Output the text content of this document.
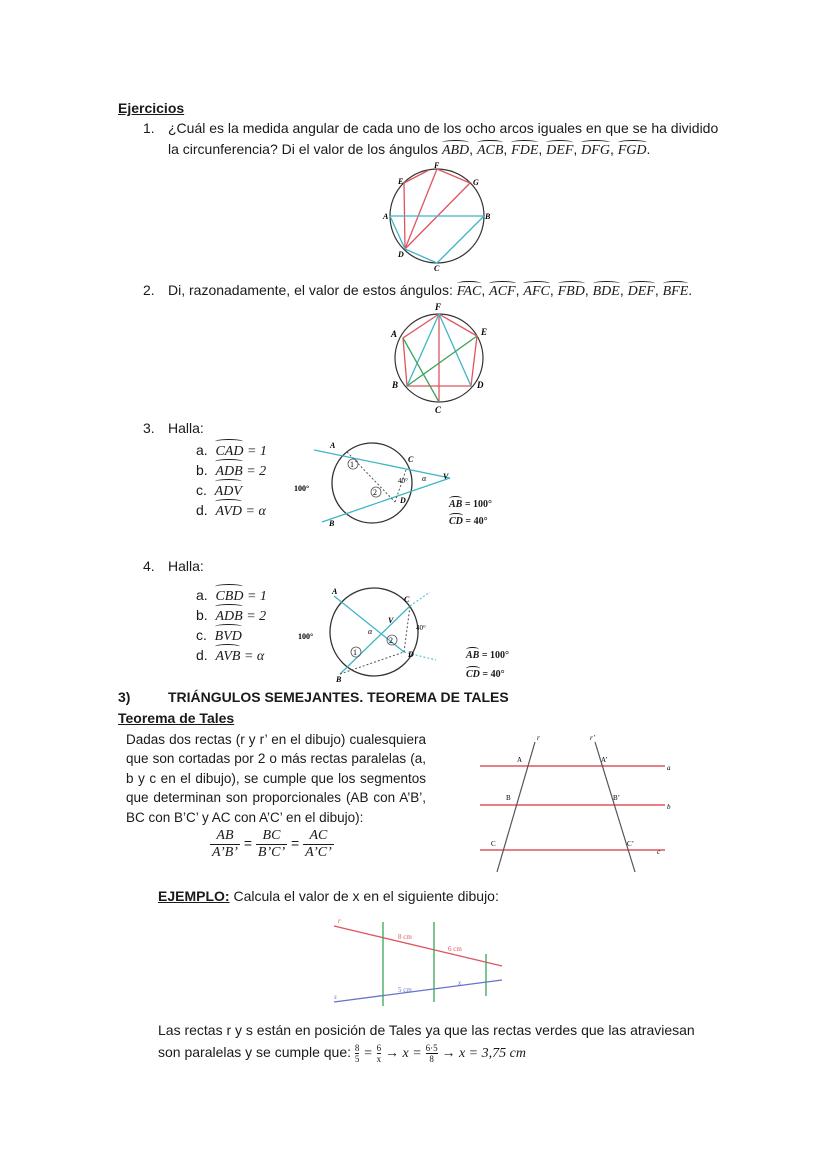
Ejercicios
1. ¿Cuál es la medida angular de cada uno de los ocho arcos iguales en que se ha dividido
la circunferencia? Di el valor de los ángulos ABD, ACB, FDE, DEF, DFG, FGD.
F
G
E
A	B
D
C
2. Di, razonadamente, el valor de estos ángulos: FAC, ACF, AFC, FBD, BDE, DEF, BFE.
F
A	E
B	D
C
3. Halla:
a. CAD = 1
b. ADB = 2
c. ADV
d. AVD = α
1
2
A
C
D
V
B
100°
40° α
AB = 100°
CD = 40°
4. Halla:
a. CBD = 1
b. ADB = 2
c. BVD
d. AVB = α	1
2
A
C
V
D
B
100°
40°
α
AB = 100°
CD = 40°
3)	TRIÁNGULOS SEMEJANTES. TEOREMA DE TALES
Teorema de Tales
Dadas dos rectas (r y r’ en el dibujo) cualesquiera que son cortadas por 2 o más rectas paralelas (a, b y c en el dibujo), se cumple que los segmentos que determinan son proporcionales (AB con A’B’, BC con B’C’ y AC con A’C’ en el dibujo):
$\frac{AB}{A’B’} = \frac{BC}{B’C’} = \frac{AC}{A’C’}$
r	r’
A	A’
a
B	B’
b
C	C’
c
EJEMPLO: Calcula el valor de x en el siguiente dibujo:
r
s
8 cm
6 cm
5 cm
x
Las rectas r y s están en posición de Tales ya que las rectas verdes que las atraviesan
son paralelas y se cumple que: $\frac{8}{5} = \frac{6}{x} \to x = \frac{6\cdot 5}{8} \to x = 3,75$ cm
